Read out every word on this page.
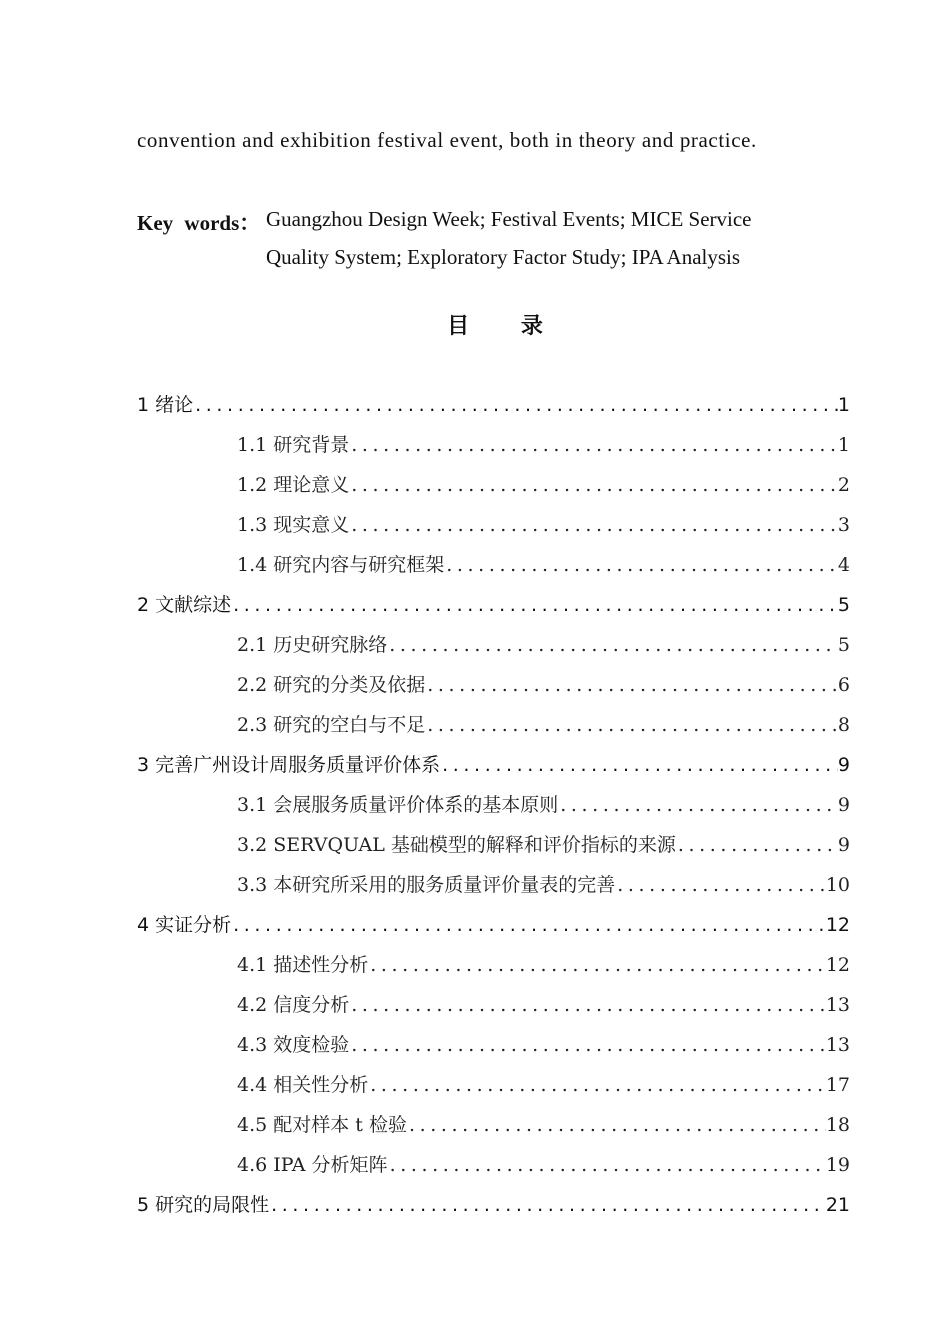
convention and exhibition festival event, both in theory and practice.
Key words： Guangzhou Design Week; Festival Events; MICE Service
Quality System; Exploratory Factor Study; IPA Analysis
目 录
1 绪论 .....	1
1.1 研究背景 .....	1
1.2 理论意义 .....	2
1.3 现实意义 .....	3
1.4 研究内容与研究框架 .....	4
2 文献综述 .....	5
2.1 历史研究脉络 .....	5
2.2 研究的分类及依据 .....	6
2.3 研究的空白与不足 .....	8
3 完善广州设计周服务质量评价体系 .....	9
3.1 会展服务质量评价体系的基本原则 .....	9
3.2 SERVQUAL 基础模型的解释和评价指标的来源 .....	9
3.3 本研究所采用的服务质量评价量表的完善 .....	10
4 实证分析 .....	12
4.1 描述性分析 .....	12
4.2 信度分析 .....	13
4.3 效度检验 .....	13
4.4 相关性分析 .....	17
4.5 配对样本 t 检验 .....	18
4.6 IPA 分析矩阵 .....	19
5 研究的局限性 .....	21
